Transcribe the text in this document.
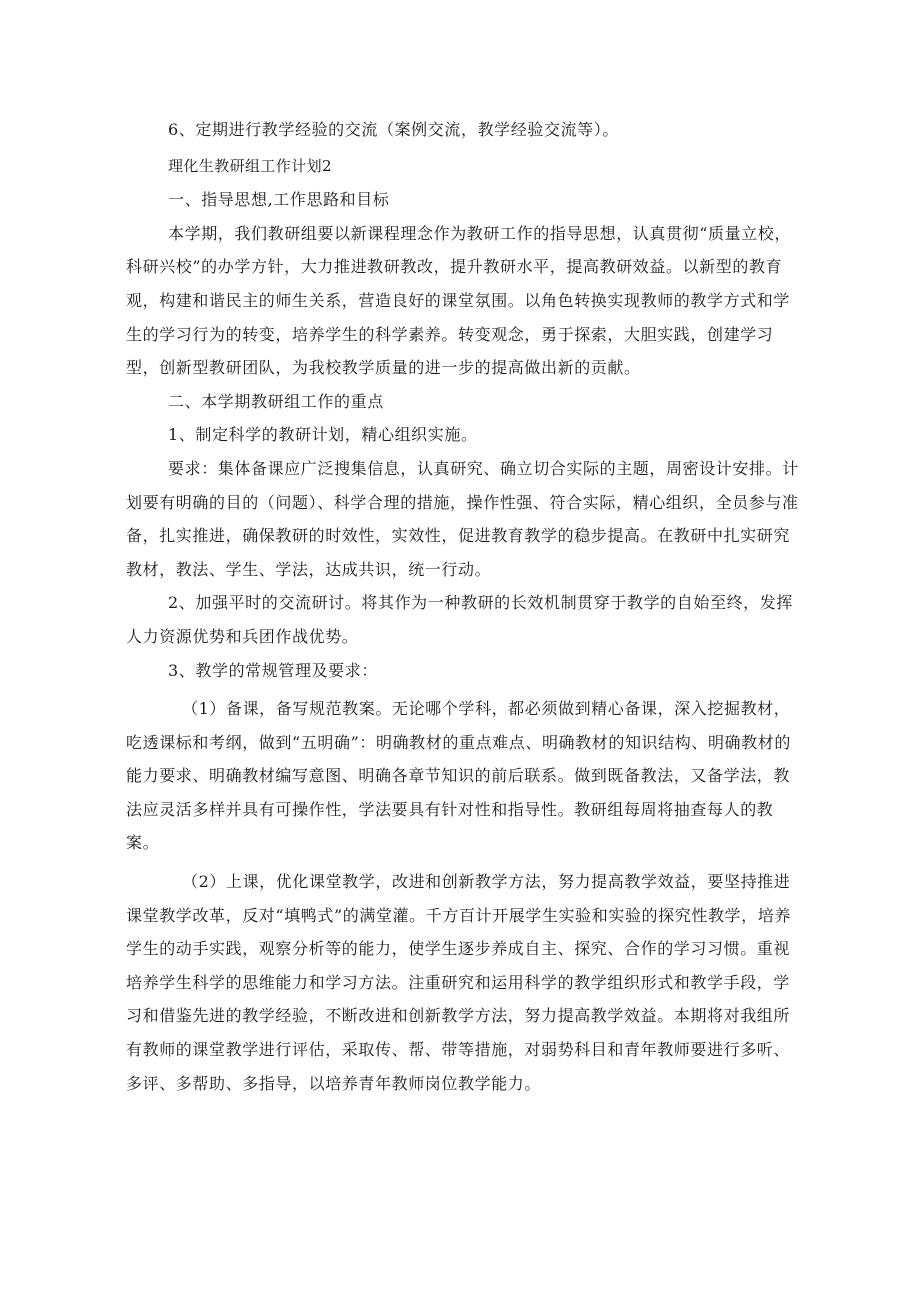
6、定期进行教学经验的交流（案例交流，教学经验交流等）。

理化生教研组工作计划2

一、指导思想,工作思路和目标

本学期，我们教研组要以新课程理念作为教研工作的指导思想，认真贯彻“质量立校，科研兴校”的办学方针，大力推进教研教改，提升教研水平，提高教研效益。以新型的教育观，构建和谐民主的师生关系，营造良好的课堂氛围。以角色转换实现教师的教学方式和学生的学习行为的转变，培养学生的科学素养。转变观念，勇于探索，大胆实践，创建学习型，创新型教研团队，为我校教学质量的进一步的提高做出新的贡献。

二、本学期教研组工作的重点

1、制定科学的教研计划，精心组织实施。

要求：集体备课应广泛搜集信息，认真研究、确立切合实际的主题，周密设计安排。计划要有明确的目的（问题）、科学合理的措施，操作性强、符合实际，精心组织，全员参与准备，扎实推进，确保教研的时效性，实效性，促进教育教学的稳步提高。在教研中扎实研究教材，教法、学生、学法，达成共识，统一行动。

2、加强平时的交流研讨。将其作为一种教研的长效机制贯穿于教学的自始至终，发挥人力资源优势和兵团作战优势。

3、教学的常规管理及要求：

（1）备课，备写规范教案。无论哪个学科，都必须做到精心备课，深入挖掘教材，吃透课标和考纲，做到“五明确”：明确教材的重点难点、明确教材的知识结构、明确教材的能力要求、明确教材编写意图、明确各章节知识的前后联系。做到既备教法，又备学法，教法应灵活多样并具有可操作性，学法要具有针对性和指导性。教研组每周将抽查每人的教案。

（2）上课，优化课堂教学，改进和创新教学方法，努力提高教学效益，要坚持推进课堂教学改革，反对“填鸭式”的满堂灌。千方百计开展学生实验和实验的探究性教学，培养学生的动手实践，观察分析等的能力，使学生逐步养成自主、探究、合作的学习习惯。重视培养学生科学的思维能力和学习方法。注重研究和运用科学的教学组织形式和教学手段，学习和借鉴先进的教学经验，不断改进和创新教学方法，努力提高教学效益。本期将对我组所有教师的课堂教学进行评估，采取传、帮、带等措施，对弱势科目和青年教师要进行多听、多评、多帮助、多指导，以培养青年教师岗位教学能力。
